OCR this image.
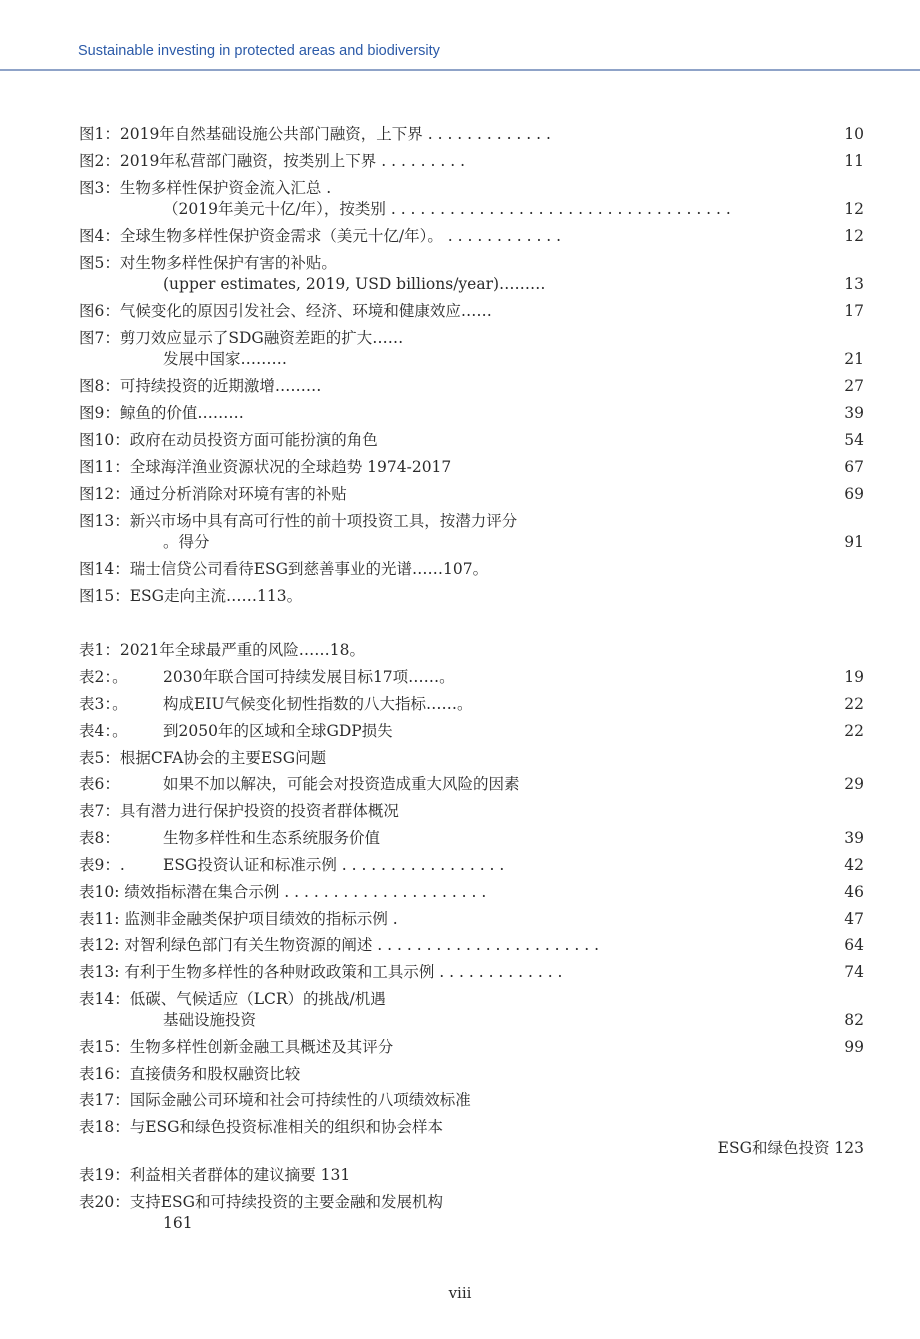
Sustainable investing in protected areas and biodiversity
图1：2019年自然基础设施公共部门融资，上下界 . . . . . . . . . . . . .	10
图2：2019年私营部门融资，按类别上下界 . . . . . . . . .	11
图3：生物多样性保护资金流入汇总 .
（2019年美元十亿/年），按类别 . . . . . . . . . . . . . . . . . . . . . . . . . . . . . . . . . . .	12
图4：全球生物多样性保护资金需求（美元十亿/年）。 . . . . . . . . . . . .	12
图5：对生物多样性保护有害的补贴。
(upper estimates, 2019, USD billions/year)………	13
图6：气候变化的原因引发社会、经济、环境和健康效应……	17
图7：剪刀效应显示了SDG融资差距的扩大……
发展中国家………	21
图8：可持续投资的近期激增………	27
图9：鲸鱼的价值………	39
图10：政府在动员投资方面可能扮演的角色	54
图11：全球海洋渔业资源状况的全球趋势 1974-2017	67
图12：通过分析消除对环境有害的补贴	69
图13：新兴市场中具有高可行性的前十项投资工具，按潜力评分
。得分	91
图14：瑞士信贷公司看待ESG到慈善事业的光谱……107。
图15：ESG走向主流……113。
表1：2021年全球最严重的风险……18。
表2：。 2030年联合国可持续发展目标17项……。	19
表3：。 构成EIU气候变化韧性指数的八大指标……。	22
表4：。 到2050年的区域和全球GDP损失	22
表5：根据CFA协会的主要ESG问题
表6：	如果不加以解决，可能会对投资造成重大风险的因素	29
表7：具有潜力进行保护投资的投资者群体概况
表8：	生物多样性和生态系统服务价值	39
表9：. ESG投资认证和标准示例 . . . . . . . . . . . . . . . . .	42
表10: 绩效指标潜在集合示例 . . . . . . . . . . . . . . . . . . . . .	46
表11: 监测非金融类保护项目绩效的指标示例 .	47
表12: 对智利绿色部门有关生物资源的阐述 . . . . . . . . . . . . . . . . . . . . . . .	64
表13: 有利于生物多样性的各种财政政策和工具示例 . . . . . . . . . . . . .	74
表14：低碳、气候适应（LCR）的挑战/机遇
基础设施投资	82
表15：生物多样性创新金融工具概述及其评分	99
表16：直接债务和股权融资比较
表17：国际金融公司环境和社会可持续性的八项绩效标准
表18：与ESG和绿色投资标准相关的组织和协会样本
ESG和绿色投资 123
表19：利益相关者群体的建议摘要 131
表20：支持ESG和可持续投资的主要金融和发展机构
161
viii
